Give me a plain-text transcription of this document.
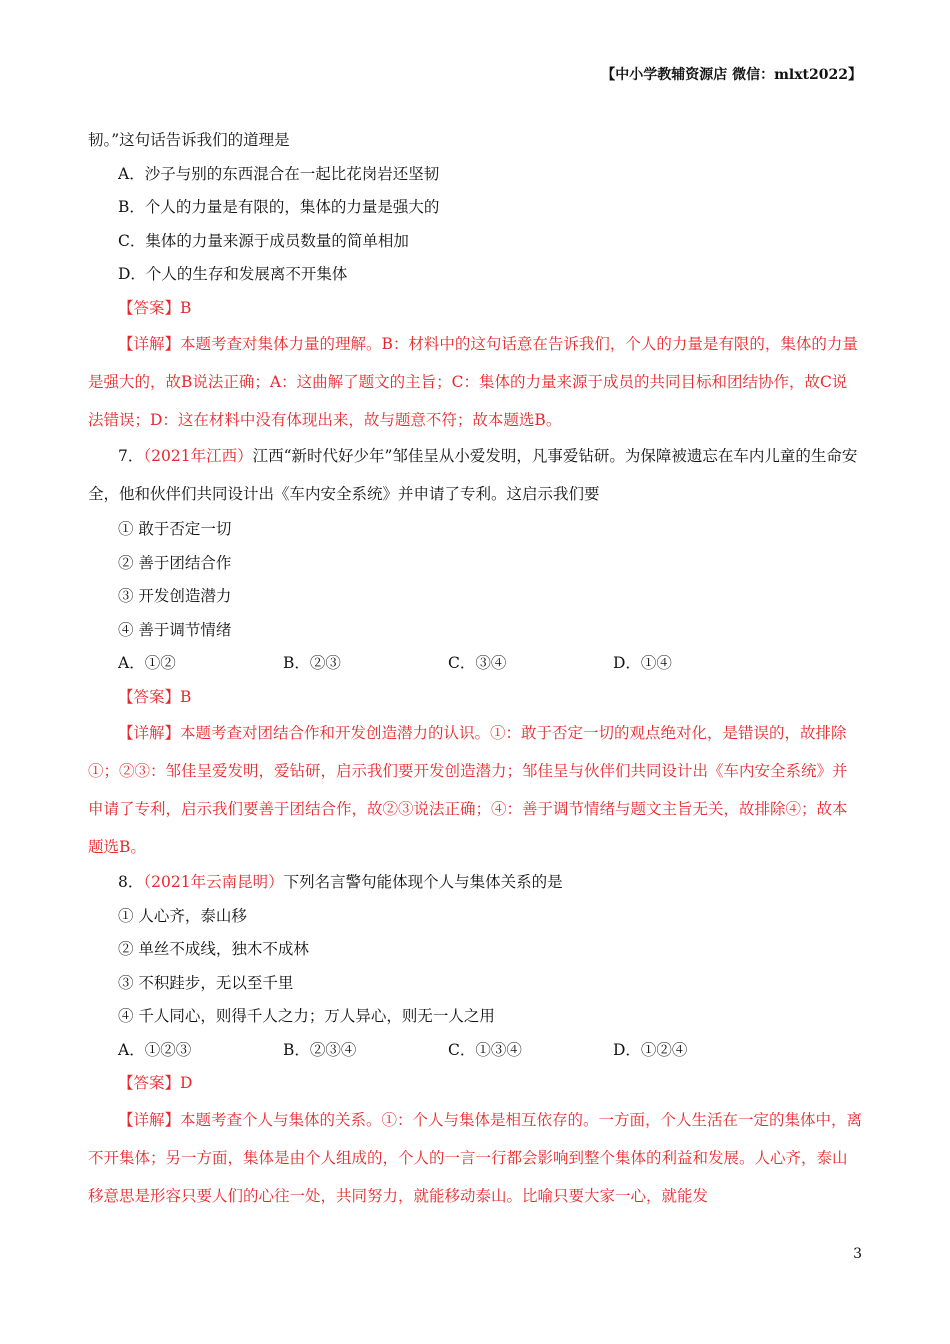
【中小学教辅资源店 微信：mlxt2022】
韧。”这句话告诉我们的道理是
A．沙子与别的东西混合在一起比花岗岩还坚韧
B．个人的力量是有限的，集体的力量是强大的
C．集体的力量来源于成员数量的简单相加
D．个人的生存和发展离不开集体
【答案】B
【详解】本题考查对集体力量的理解。B：材料中的这句话意在告诉我们，个人的力量是有限的，集体的力量是强大的，故B说法正确；A：这曲解了题文的主旨；C：集体的力量来源于成员的共同目标和团结协作，故C说法错误；D：这在材料中没有体现出来，故与题意不符；故本题选B。
7．（2021年江西）江西“新时代好少年”邹佳呈从小爱发明，凡事爱钻研。为保障被遗忘在车内儿童的生命安全，他和伙伴们共同设计出《车内安全系统》并申请了专利。这启示我们要
① 敢于否定一切
② 善于团结合作
③ 开发创造潜力
④ 善于调节情绪
A．①②	B．②③	C．③④	D．①④
【答案】B
【详解】本题考查对团结合作和开发创造潜力的认识。①：敢于否定一切的观点绝对化，是错误的，故排除①；②③：邹佳呈爱发明，爱钻研，启示我们要开发创造潜力；邹佳呈与伙伴们共同设计出《车内安全系统》并申请了专利，启示我们要善于团结合作，故②③说法正确；④：善于调节情绪与题文主旨无关，故排除④；故本题选B。
8．（2021年云南昆明）下列名言警句能体现个人与集体关系的是
① 人心齐，泰山移
② 单丝不成线，独木不成林
③ 不积跬步，无以至千里
④ 千人同心，则得千人之力；万人异心，则无一人之用
A．①②③	B．②③④	C．①③④	D．①②④
【答案】D
【详解】本题考查个人与集体的关系。①：个人与集体是相互依存的。一方面，个人生活在一定的集体中，离不开集体；另一方面，集体是由个人组成的，个人的一言一行都会影响到整个集体的利益和发展。人心齐，泰山移意思是形容只要人们的心往一处，共同努力，就能移动泰山。比喻只要大家一心，就能发
3
